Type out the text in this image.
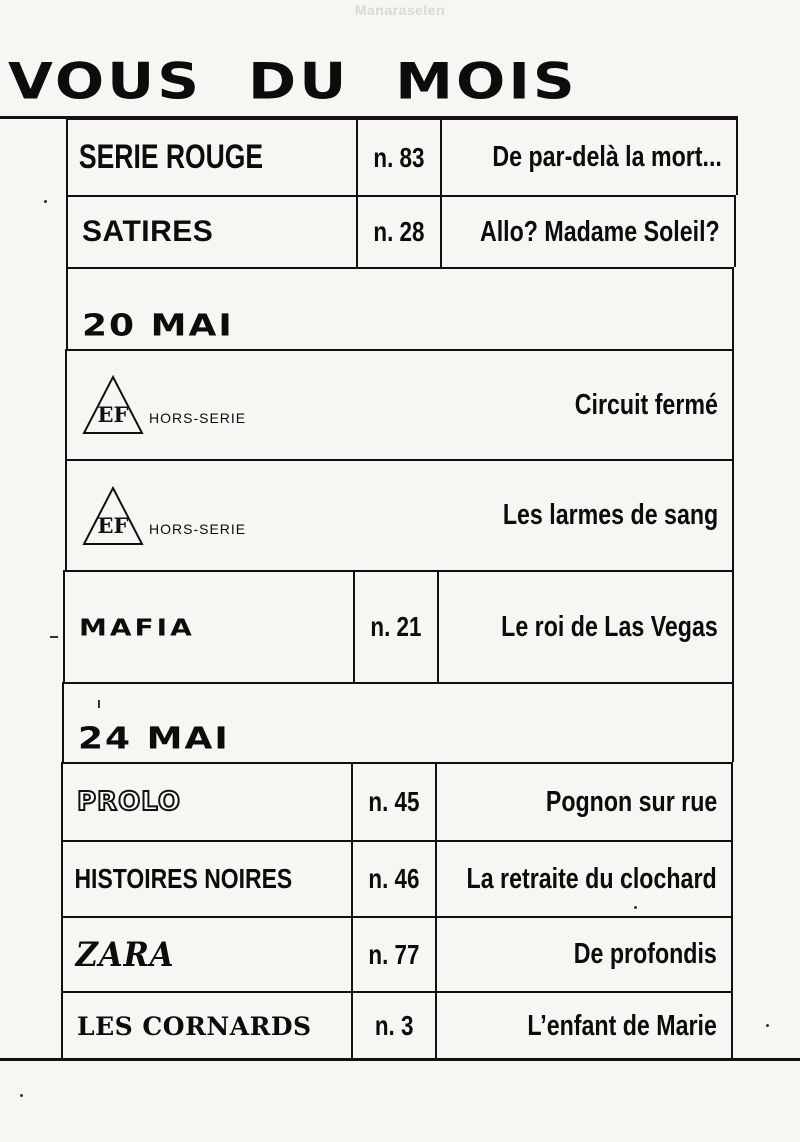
Manaraselen
VOUS DU MOIS
SERIE ROUGE	n. 83 De par-delà la mort...
SATIRES	n. 28 Allo? Madame Soleil?
20 MAI
EF HORS-SERIE	Circuit fermé
EF HORS-SERIE	Les larmes de sang
MAFIA	n. 21	Le roi de Las Vegas
24 MAI
PROLO	n. 45	Pognon sur rue
HISTOIRES NOIRES	n. 46 La retraite du clochard
ZARA	n. 77	De profondis
LES CORNARDS n. 3	L’enfant de Marie
